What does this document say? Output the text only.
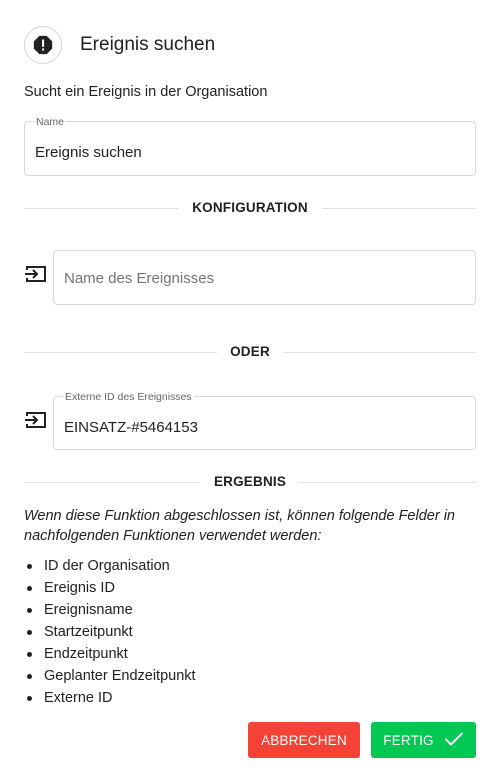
Ereignis suchen
Sucht ein Ereignis in der Organisation
Name
Ereignis suchen
KONFIGURATION
Name des Ereignisses
ODER
Externe ID des Ereignisses
EINSATZ-#5464153
ERGEBNIS
Wenn diese Funktion abgeschlossen ist, können folgende Felder in nachfolgenden Funktionen verwendet werden:
ID der Organisation
Ereignis ID
Ereignisname
Startzeitpunkt
Endzeitpunkt
Geplanter Endzeitpunkt
Externe ID
ABBRECHEN	FERTIG
